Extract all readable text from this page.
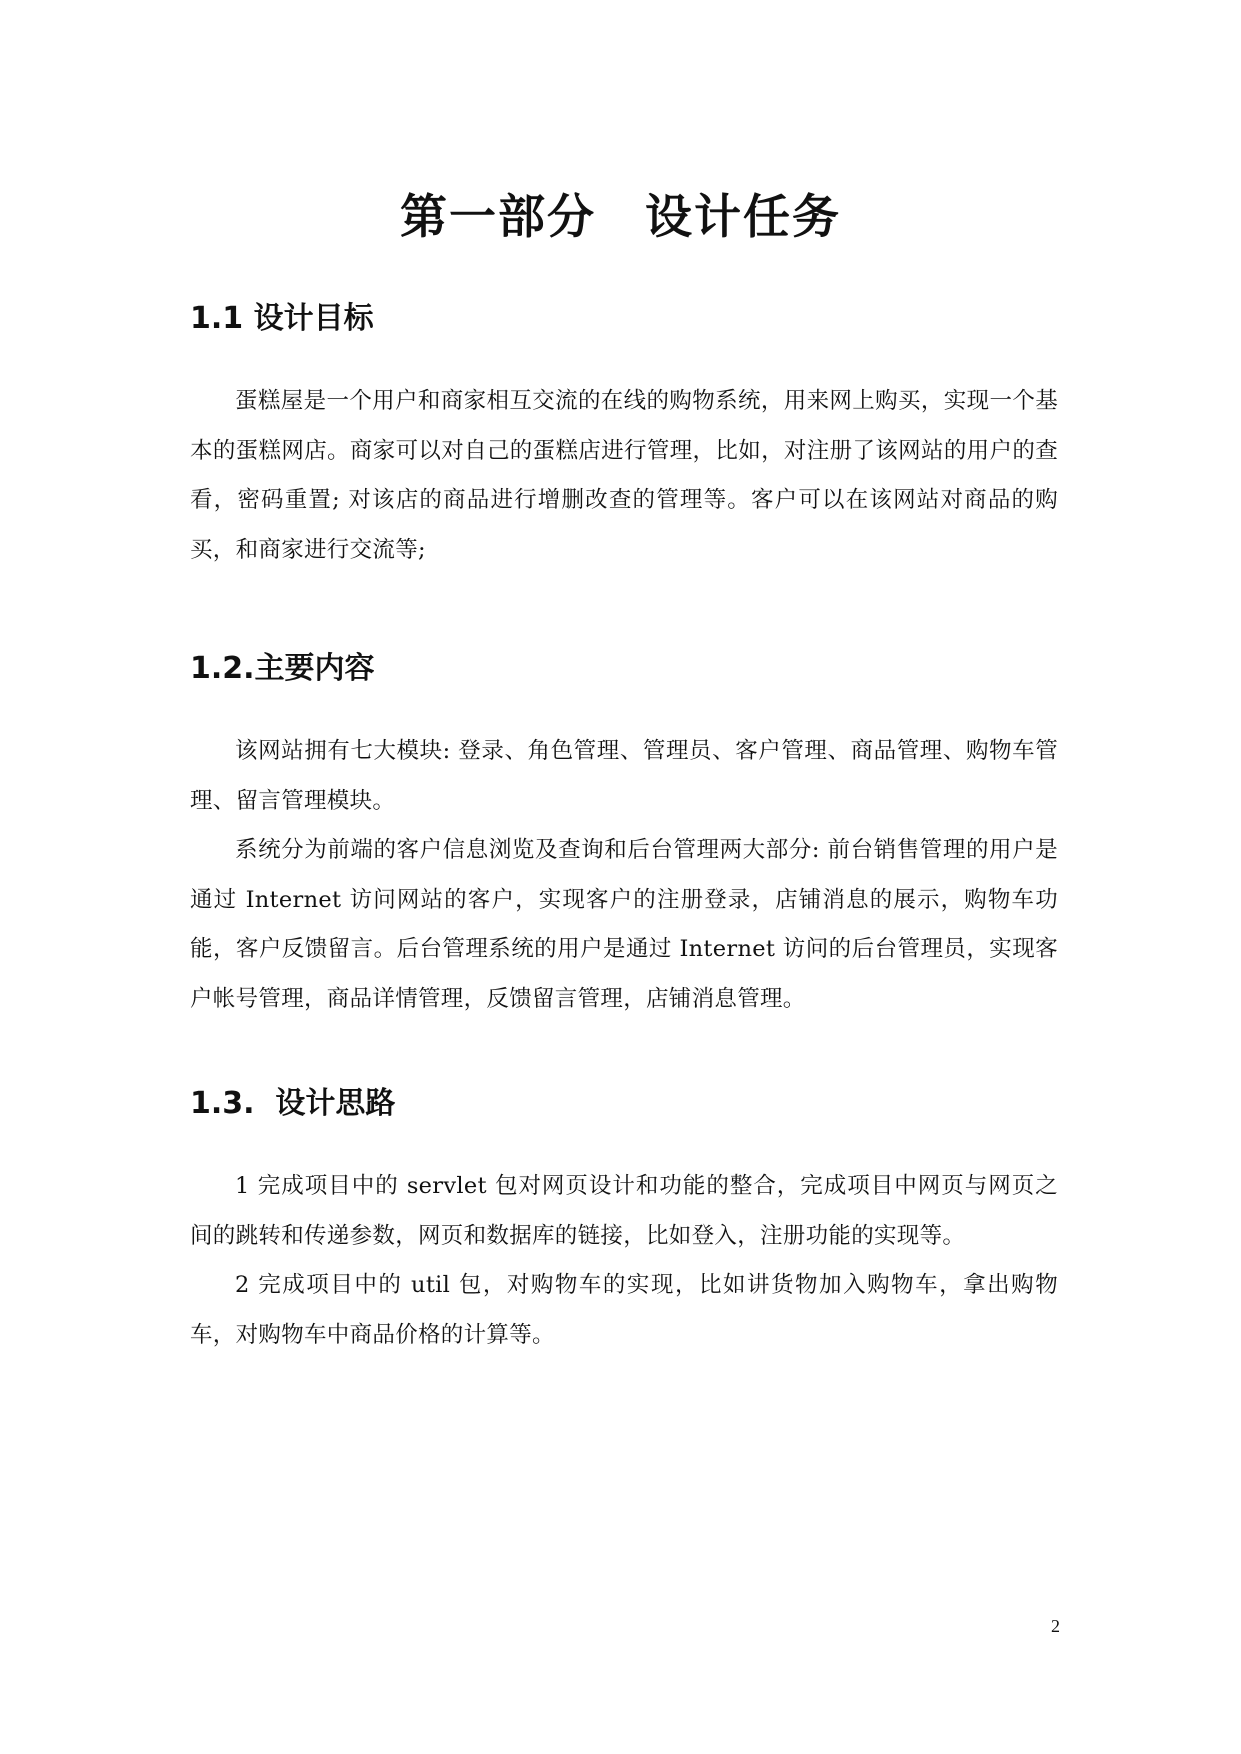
第一部分　设计任务
1.1 设计目标

蛋糕屋是一个用户和商家相互交流的在线的购物系统，用来网上购买，实现一个基本的蛋糕网店。商家可以对自己的蛋糕店进行管理，比如，对注册了该网站的用户的查看，密码重置; 对该店的商品进行增删改查的管理等。客户可以在该网站对商品的购买，和商家进行交流等;

1.2.主要内容

该网站拥有七大模块: 登录、角色管理、管理员、客户管理、商品管理、购物车管理、留言管理模块。

系统分为前端的客户信息浏览及查询和后台管理两大部分: 前台销售管理的用户是通过 Internet 访问网站的客户，实现客户的注册登录，店铺消息的展示，购物车功能，客户反馈留言。后台管理系统的用户是通过 Internet 访问的后台管理员，实现客户帐号管理，商品详情管理，反馈留言管理，店铺消息管理。

1.3.  设计思路

1 完成项目中的 servlet 包对网页设计和功能的整合，完成项目中网页与网页之间的跳转和传递参数，网页和数据库的链接，比如登入，注册功能的实现等。

2 完成项目中的 util 包，对购物车的实现，比如讲货物加入购物车，拿出购物车，对购物车中商品价格的计算等。

2
